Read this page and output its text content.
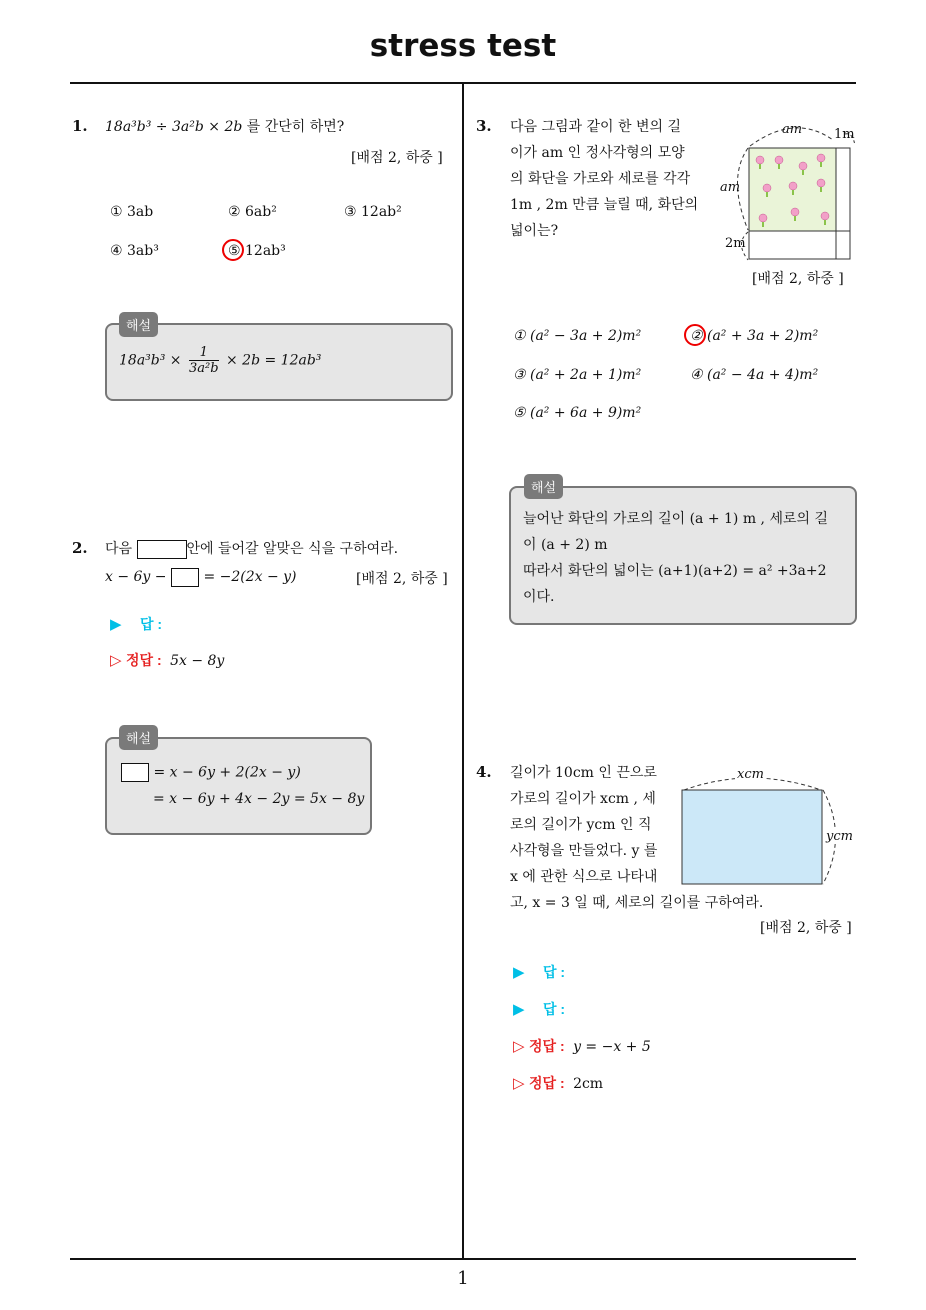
stress test
1
1. 18a³b³ ÷ 3a²b × 2b 를 간단히 하면?
[배점 2, 하중 ]
① 3ab	② 6ab²	③ 12ab²
④ 3ab³	⑤ 12ab³
$18a^3b^3 \times \frac{1}{\text{3a²b}} \times 2b = 12ab^3$
해설
2. 다음	안에 들어갈 알맞은 식을 구하여라.
x − 6y −	= −2(2x − y)	[배점 2, 하중 ]
▶ 답 :
▷ 정답 : 5x − 8y
= x − 6y + 2(2x − y)
= x − 6y + 4x − 2y = 5x − 8y
해설
3. 다음 그림과 같이 한 변의 길
이가 am 인 정사각형의 모양
의 화단을 가로와 세로를 각각
1m , 2m 만큼 늘릴 때, 화단의
넓이는?
am 1m
am
2m
[배점 2, 하중 ]
① (a² − 3a + 2)m²	② (a² + 3a + 2)m²
③ (a² + 2a + 1)m²	④ (a² − 4a + 4)m²
⑤ (a² + 6a + 9)m²
늘어난 화단의 가로의 길이 (a + 1) m , 세로의 길
이 (a + 2) m
따라서 화단의 넓이는 (a+1)(a+2) = a² +3a+2
이다.
해설
4. 길이가 10cm 인 끈으로
가로의 길이가 xcm , 세
로의 길이가 ycm 인 직
사각형을 만들었다. y 를
x 에 관한 식으로 나타내
고, x = 3 일 때, 세로의 길이를 구하여라.
xcm
ycm
[배점 2, 하중 ]
▶ 답 :
▶ 답 :
▷ 정답 : y = −x + 5
▷ 정답 : 2cm
